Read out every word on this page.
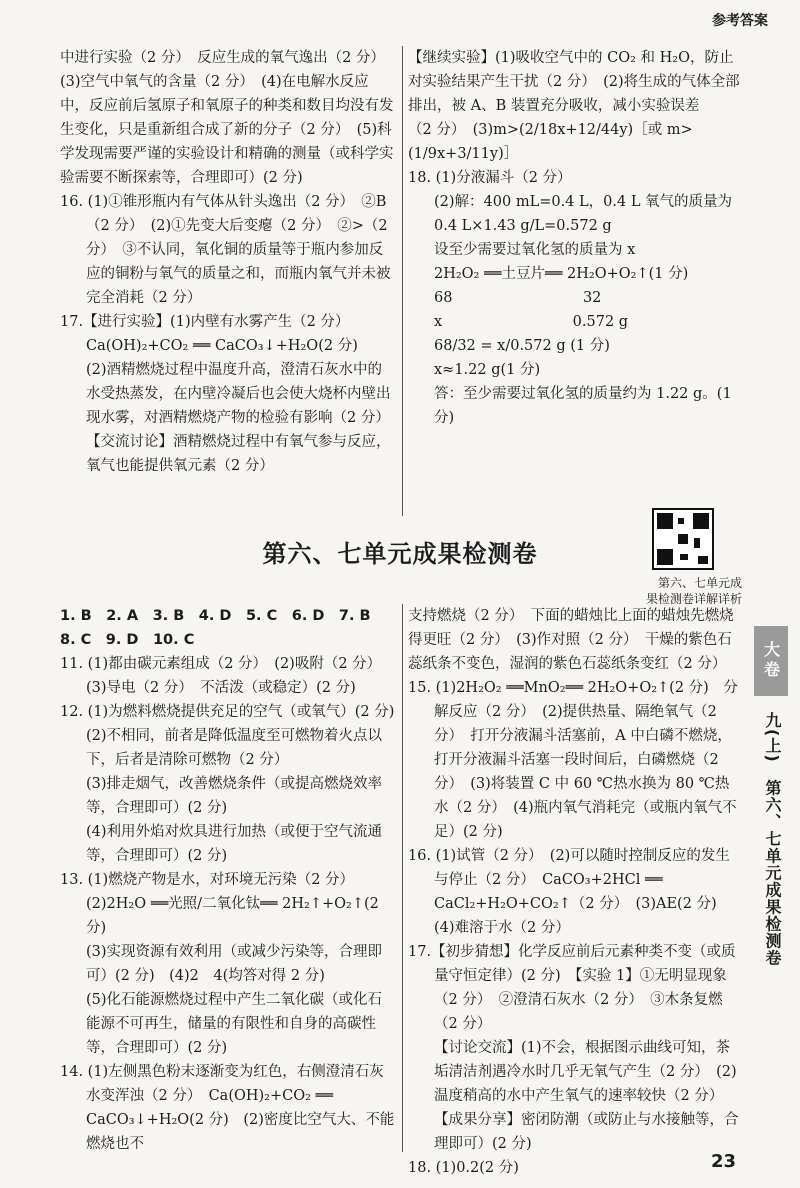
参考答案
中进行实验（2 分）　反应生成的氧气逸出（2 分）　(3)空气中氧气的含量（2 分）　(4)在电解水反应中，反应前后氢原子和氧原子的种类和数目均没有发生变化，只是重新组合成了新的分子（2 分）　(5)科学发现需要严谨的实验设计和精确的测量（或科学实验需要不断探索等，合理即可）(2 分)
16. (1)①锥形瓶内有气体从针头逸出（2 分）　②B（2 分）　(2)①先变大后变瘪（2 分）　②>（2 分）　③不认同，氧化铜的质量等于瓶内参加反应的铜粉与氧气的质量之和，而瓶内氧气并未被完全消耗（2 分）
17.【进行实验】(1)内壁有水雾产生（2 分）
Ca(OH)₂+CO₂ ══ CaCO₃↓+H₂O(2 分)
(2)酒精燃烧过程中温度升高，澄清石灰水中的水受热蒸发，在内壁冷凝后也会使大烧杯内壁出现水雾，对酒精燃烧产物的检验有影响（2 分）
【交流讨论】酒精燃烧过程中有氧气参与反应，氧气也能提供氧元素（2 分）
【继续实验】(1)吸收空气中的 CO₂ 和 H₂O，防止对实验结果产生干扰（2 分）　(2)将生成的气体全部排出，被 A、B 装置充分吸收，减小实验误差
（2 分）　(3)m>(2/18x+12/44y)［或 m>(1/9x+3/11y)］
18. (1)分液漏斗（2 分）
(2)解：400 mL=0.4 L，0.4 L 氧气的质量为 0.4 L×1.43 g/L=0.572 g
设至少需要过氧化氢的质量为 x
2H₂O₂ ══土豆片══ 2H₂O+O₂↑(1 分)
68　　　　　　　　　32
x　　　　　　　　　0.572 g
68/32 = x/0.572 g (1 分)
x≈1.22 g(1 分)
答：至少需要过氧化氢的质量约为 1.22 g。(1 分)
第六、七单元成果检测卷
第六、七单元成
果检测卷详解详析
1. B　2. A　3. B　4. D　5. C　6. D　7. B
8. C　9. D　10. C
11. (1)都由碳元素组成（2 分）　(2)吸附（2 分）
(3)导电（2 分）　不活泼（或稳定）(2 分)
12. (1)为燃料燃烧提供充足的空气（或氧气）(2 分)
(2)不相同，前者是降低温度至可燃物着火点以下，后者是清除可燃物（2 分）
(3)排走烟气，改善燃烧条件（或提高燃烧效率等，合理即可）(2 分)
(4)利用外焰对炊具进行加热（或便于空气流通等，合理即可）(2 分)
13. (1)燃烧产物是水，对环境无污染（2 分）
(2)2H₂O ══光照/二氧化钛══ 2H₂↑+O₂↑(2 分)
(3)实现资源有效利用（或减少污染等，合理即可）(2 分)　(4)2　4(均答对得 2 分)
(5)化石能源燃烧过程中产生二氧化碳（或化石能源不可再生，储量的有限性和自身的高碳性等，合理即可）(2 分)
14. (1)左侧黑色粉末逐渐变为红色，右侧澄清石灰水变浑浊（2 分）　Ca(OH)₂+CO₂ ══ CaCO₃↓+H₂O(2 分)　(2)密度比空气大、不能燃烧也不
支持燃烧（2 分）　下面的蜡烛比上面的蜡烛先燃烧得更旺（2 分）　(3)作对照（2 分）　干燥的紫色石蕊纸条不变色，湿润的紫色石蕊纸条变红（2 分）
15. (1)2H₂O₂ ══MnO₂══ 2H₂O+O₂↑(2 分)　分解反应（2 分）　(2)提供热量、隔绝氧气（2 分）　打开分液漏斗活塞前，A 中白磷不燃烧，打开分液漏斗活塞一段时间后，白磷燃烧（2 分）　(3)将装置 C 中 60 ℃热水换为 80 ℃热水（2 分）　(4)瓶内氧气消耗完（或瓶内氧气不足）(2 分)
16. (1)试管（2 分）　(2)可以随时控制反应的发生与停止（2 分）　CaCO₃+2HCl ══ CaCl₂+H₂O+CO₂↑（2 分）　(3)AE(2 分)　(4)难溶于水（2 分）
17.【初步猜想】化学反应前后元素种类不变（或质量守恒定律）(2 分)　【实验 1】①无明显现象（2 分）　②澄清石灰水（2 分）　③木条复燃（2 分）
【讨论交流】(1)不会，根据图示曲线可知，茶垢清洁剂遇冷水时几乎无氧气产生（2 分）　(2)温度稍高的水中产生氧气的速率较快（2 分）
【成果分享】密闭防潮（或防止与水接触等，合理即可）(2 分)
18. (1)0.2(2 分)
大卷
九(上)　第六、七单元成果检测卷
23
